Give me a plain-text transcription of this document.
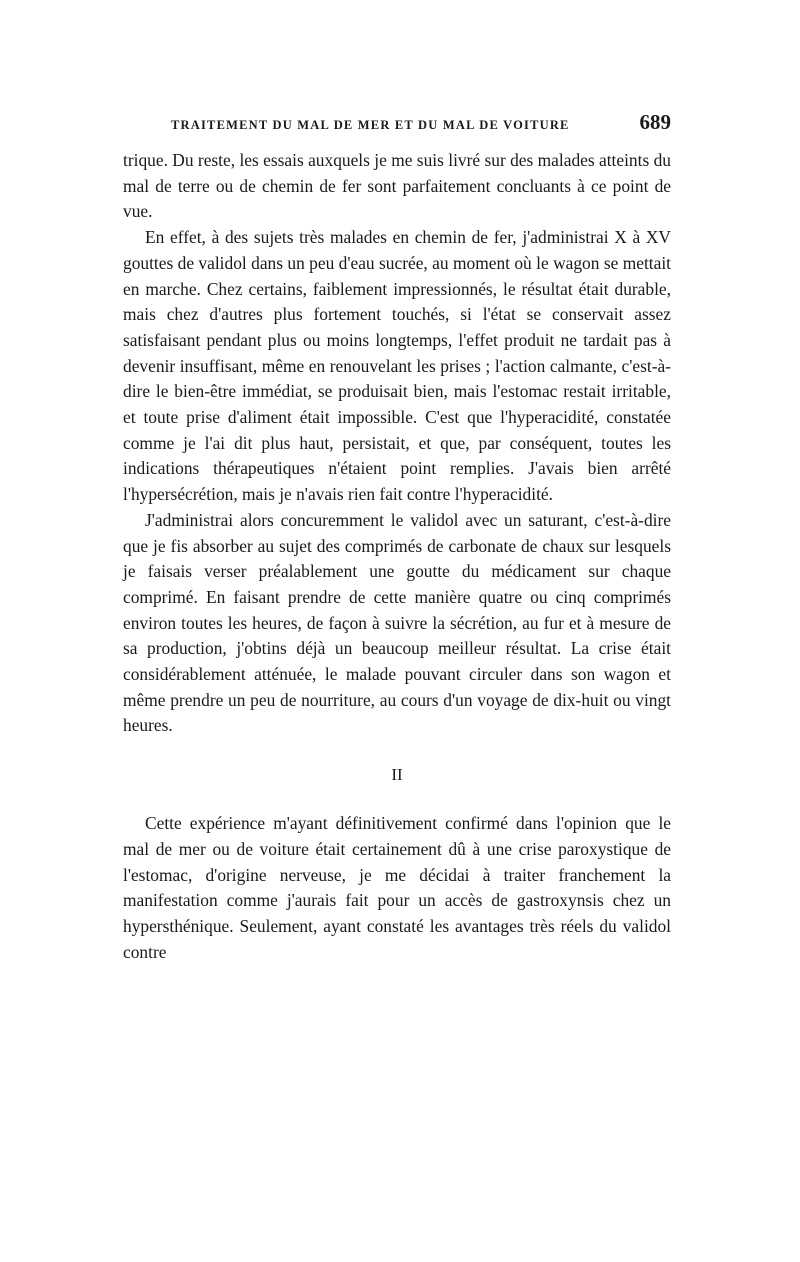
TRAITEMENT DU MAL DE MER ET DU MAL DE VOITURE	689

trique. Du reste, les essais auxquels je me suis livré sur des malades atteints du mal de terre ou de chemin de fer sont parfaitement concluants à ce point de vue.

En effet, à des sujets très malades en chemin de fer, j'administrai X à XV gouttes de validol dans un peu d'eau sucrée, au moment où le wagon se mettait en marche. Chez certains, faiblement impressionnés, le résultat était durable, mais chez d'autres plus fortement touchés, si l'état se conservait assez satisfaisant pendant plus ou moins longtemps, l'effet produit ne tardait pas à devenir insuffisant, même en renouvelant les prises ; l'action calmante, c'est-à-dire le bien-être immédiat, se produisait bien, mais l'estomac restait irritable, et toute prise d'aliment était impossible. C'est que l'hyperacidité, constatée comme je l'ai dit plus haut, persistait, et que, par conséquent, toutes les indications thérapeutiques n'étaient point remplies. J'avais bien arrêté l'hypersécrétion, mais je n'avais rien fait contre l'hyperacidité.

J'administrai alors concuremment le validol avec un saturant, c'est-à-dire que je fis absorber au sujet des comprimés de carbonate de chaux sur lesquels je faisais verser préalablement une goutte du médicament sur chaque comprimé. En faisant prendre de cette manière quatre ou cinq comprimés environ toutes les heures, de façon à suivre la sécrétion, au fur et à mesure de sa production, j'obtins déjà un beaucoup meilleur résultat. La crise était considérablement atténuée, le malade pouvant circuler dans son wagon et même prendre un peu de nourriture, au cours d'un voyage de dix-huit ou vingt heures.

II

Cette expérience m'ayant définitivement confirmé dans l'opinion que le mal de mer ou de voiture était certainement dû à une crise paroxystique de l'estomac, d'origine nerveuse, je me décidai à traiter franchement la manifestation comme j'aurais fait pour un accès de gastroxynsis chez un hypersthénique. Seulement, ayant constaté les avantages très réels du validol contre
